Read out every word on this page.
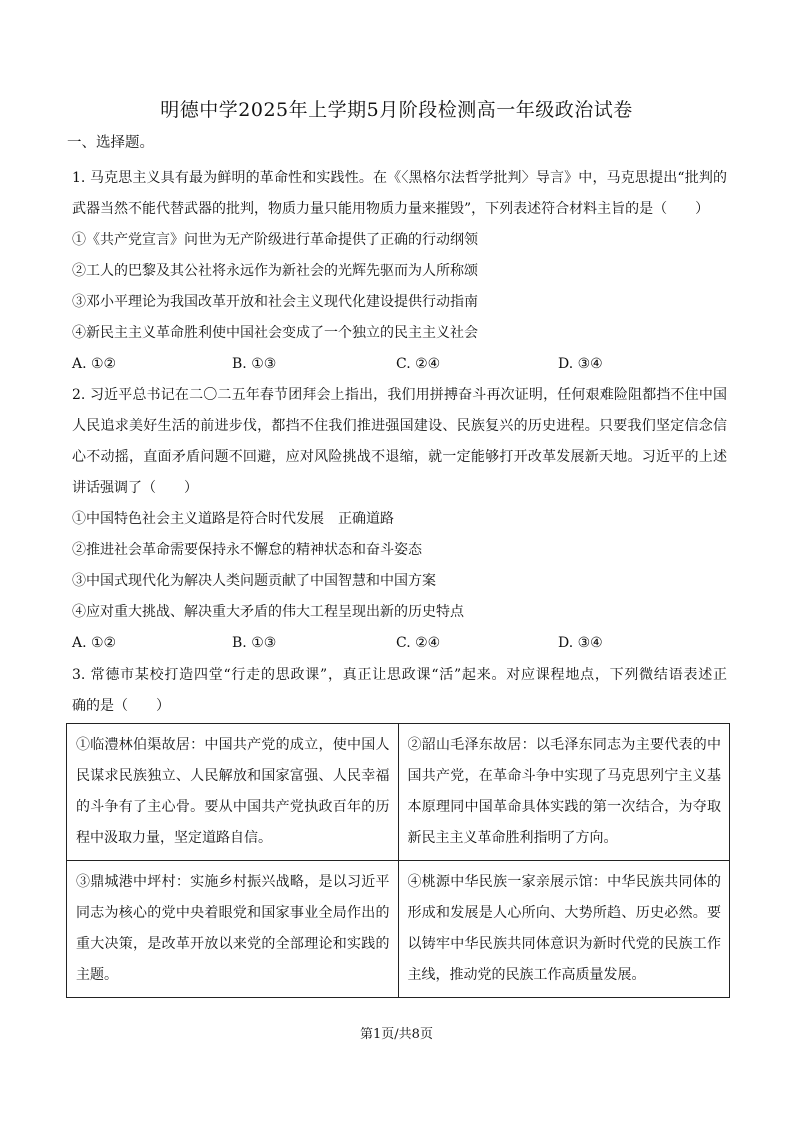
明德中学2025年上学期5月阶段检测高一年级政治试卷
一、选择题。
1. 马克思主义具有最为鲜明的革命性和实践性。在《〈黑格尔法哲学批判〉导言》中，马克思提出“批判的
武器当然不能代替武器的批判，物质力量只能用物质力量来摧毁”，下列表述符合材料主旨的是（　　）
①《共产党宣言》问世为无产阶级进行革命提供了正确的行动纲领
②工人的巴黎及其公社将永远作为新社会的光辉先驱而为人所称颂
③邓小平理论为我国改革开放和社会主义现代化建设提供行动指南
④新民主主义革命胜利使中国社会变成了一个独立的民主主义社会
A. ①②	B. ①③	C. ②④	D. ③④
2. 习近平总书记在二〇二五年春节团拜会上指出，我们用拼搏奋斗再次证明，任何艰难险阻都挡不住中国
人民追求美好生活的前进步伐，都挡不住我们推进强国建设、民族复兴的历史进程。只要我们坚定信念信
心不动摇，直面矛盾问题不回避，应对风险挑战不退缩，就一定能够打开改革发展新天地。习近平的上述
讲话强调了（　　）
①中国特色社会主义道路是符合时代发展　正确道路
②推进社会革命需要保持永不懈怠的精神状态和奋斗姿态
③中国式现代化为解决人类问题贡献了中国智慧和中国方案
④应对重大挑战、解决重大矛盾的伟大工程呈现出新的历史特点
A. ①②	B. ①③	C. ②④	D. ③④
3. 常德市某校打造四堂“行走的思政课”，真正让思政课“活”起来。对应课程地点，下列微结语表述正
确的是（　　）
①临澧林伯渠故居：中国共产党的成立，使中国人民谋求民族独立、人民解放和国家富强、人民幸福的斗争有了主心骨。要从中国共产党执政百年的历程中汲取力量，坚定道路自信。	②韶山毛泽东故居：以毛泽东同志为主要代表的中国共产党，在革命斗争中实现了马克思列宁主义基本原理同中国革命具体实践的第一次结合，为夺取新民主主义革命胜利指明了方向。
③鼎城港中坪村：实施乡村振兴战略，是以习近平同志为核心的党中央着眼党和国家事业全局作出的重大决策，是改革开放以来党的全部理论和实践的主题。	④桃源中华民族一家亲展示馆：中华民族共同体的形成和发展是人心所向、大势所趋、历史必然。要以铸牢中华民族共同体意识为新时代党的民族工作主线，推动党的民族工作高质量发展。
第1页/共8页
